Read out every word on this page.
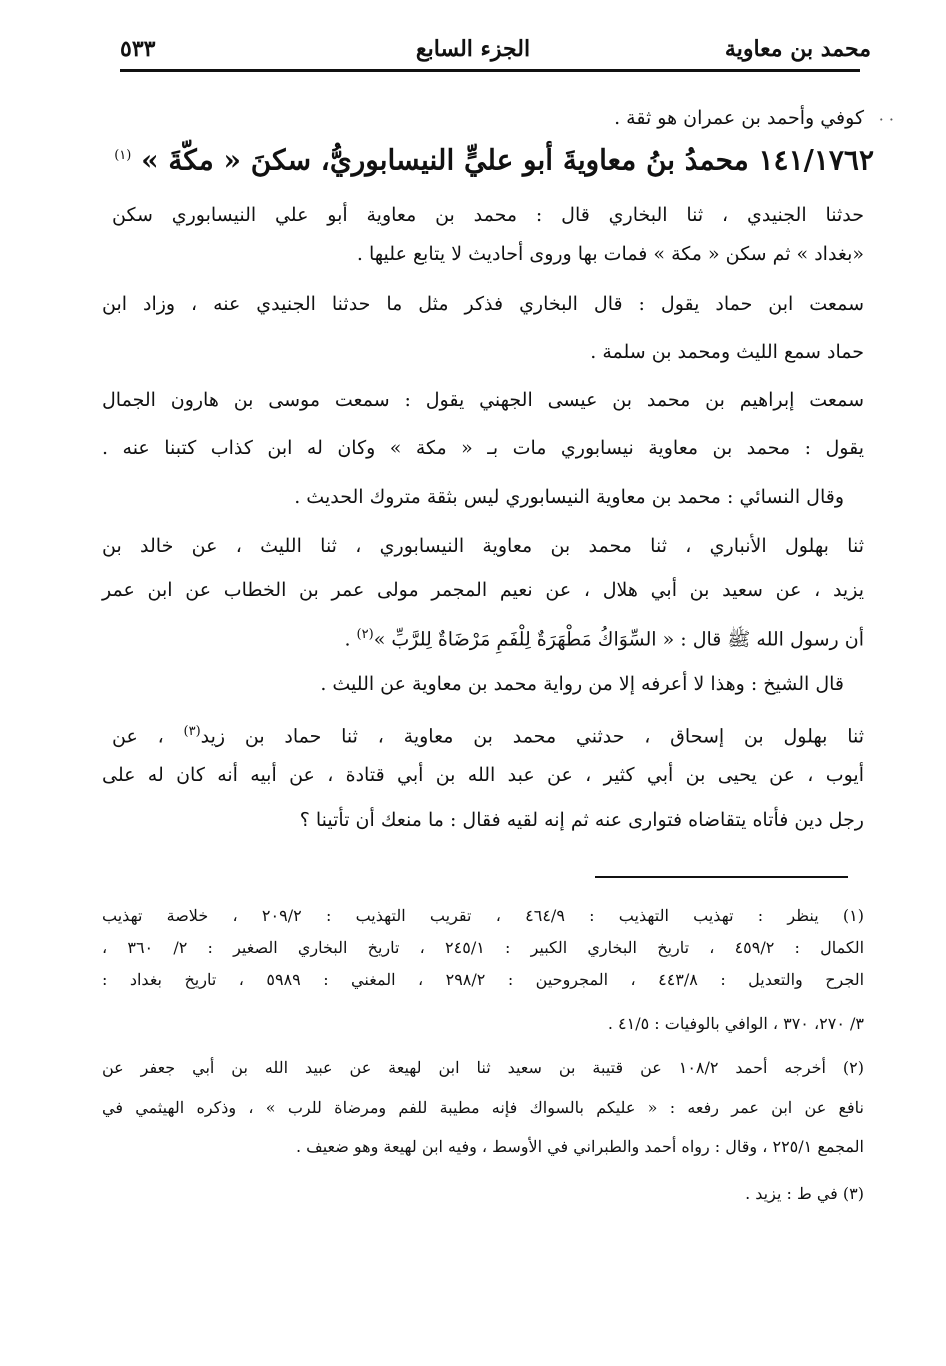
محمد بن معاوية
الجزء السابع
٥٣٣
· ·
كوفي وأحمد بن عمران هو ثقة .
١٤١/١٧٦٢ محمدُ بنُ معاويةَ أبو عليٍّ النيسابوريُّ، سكنَ « مكّةَ » $^{(١)}$
حدثنا الجنيدي ، ثنا البخاري قال : محمد بن معاوية أبو علي النيسابوري سكن
«بغداد » ثم سكن « مكة » فمات بها وروى أحاديث لا يتابع عليها .
سمعت ابن حماد يقول : قال البخاري فذكر مثل ما حدثنا الجنيدي عنه ، وزاد ابن
حماد سمع الليث ومحمد بن سلمة .
سمعت إبراهيم بن محمد بن عيسى الجهني يقول : سمعت موسى بن هارون الجمال
يقول : محمد بن معاوية نيسابوري مات بـ « مكة » وكان له ابن كذاب كتبنا عنه .
وقال النسائي : محمد بن معاوية النيسابوري ليس بثقة متروك الحديث .
ثنا بهلول الأنباري ، ثنا محمد بن معاوية النيسابوري ، ثنا الليث ، عن خالد بن
يزيد ، عن سعيد بن أبي هلال ، عن نعيم المجمر مولى عمر بن الخطاب عن ابن عمر
أن رسول الله ﷺ قال : « السِّوَاكُ مَطْهَرَةٌ لِلْفَمِ مَرْضَاةٌ لِلرَّبِّ »$^{(٢)}$ .
قال الشيخ : وهذا لا أعرفه إلا من رواية محمد بن معاوية عن الليث .
ثنا بهلول بن إسحاق ، حدثني محمد بن معاوية ، ثنا حماد بن زيد$^{(٣)}$ ، عن
أيوب ، عن يحيى بن أبي كثير ، عن عبد الله بن أبي قتادة ، عن أبيه أنه كان له على
رجل دين فأتاه يتقاضاه فتوارى عنه ثم إنه لقيه فقال : ما منعك أن تأتينا ؟
(١) ينظر : تهذيب التهذيب : ٤٦٤/٩ ، تقريب التهذيب : ٢٠٩/٢ ، خلاصة تهذيب
الكمال : ٤٥٩/٢ ، تاريخ البخاري الكبير : ٢٤٥/١ ، تاريخ البخاري الصغير : ٢/ ٣٦٠ ،
الجرح والتعديل : ٤٤٣/٨ ، المجروحين : ٢٩٨/٢ ، المغني : ٥٩٨٩ ، تاريخ بغداد :
٣/ ٢٧٠، ٣٧٠ ، الوافي بالوفيات : ٤١/٥ .
(٢) أخرجه أحمد ١٠٨/٢ عن قتيبة بن سعيد ثنا ابن لهيعة عن عبيد الله بن أبي جعفر عن
نافع عن ابن عمر رفعه : « عليكم بالسواك فإنه مطيبة للفم ومرضاة للرب » ، وذكره الهيثمي في
المجمع ٢٢٥/١ ، وقال : رواه أحمد والطبراني في الأوسط ، وفيه ابن لهيعة وهو ضعيف .
(٣) في ط : يزيد .
